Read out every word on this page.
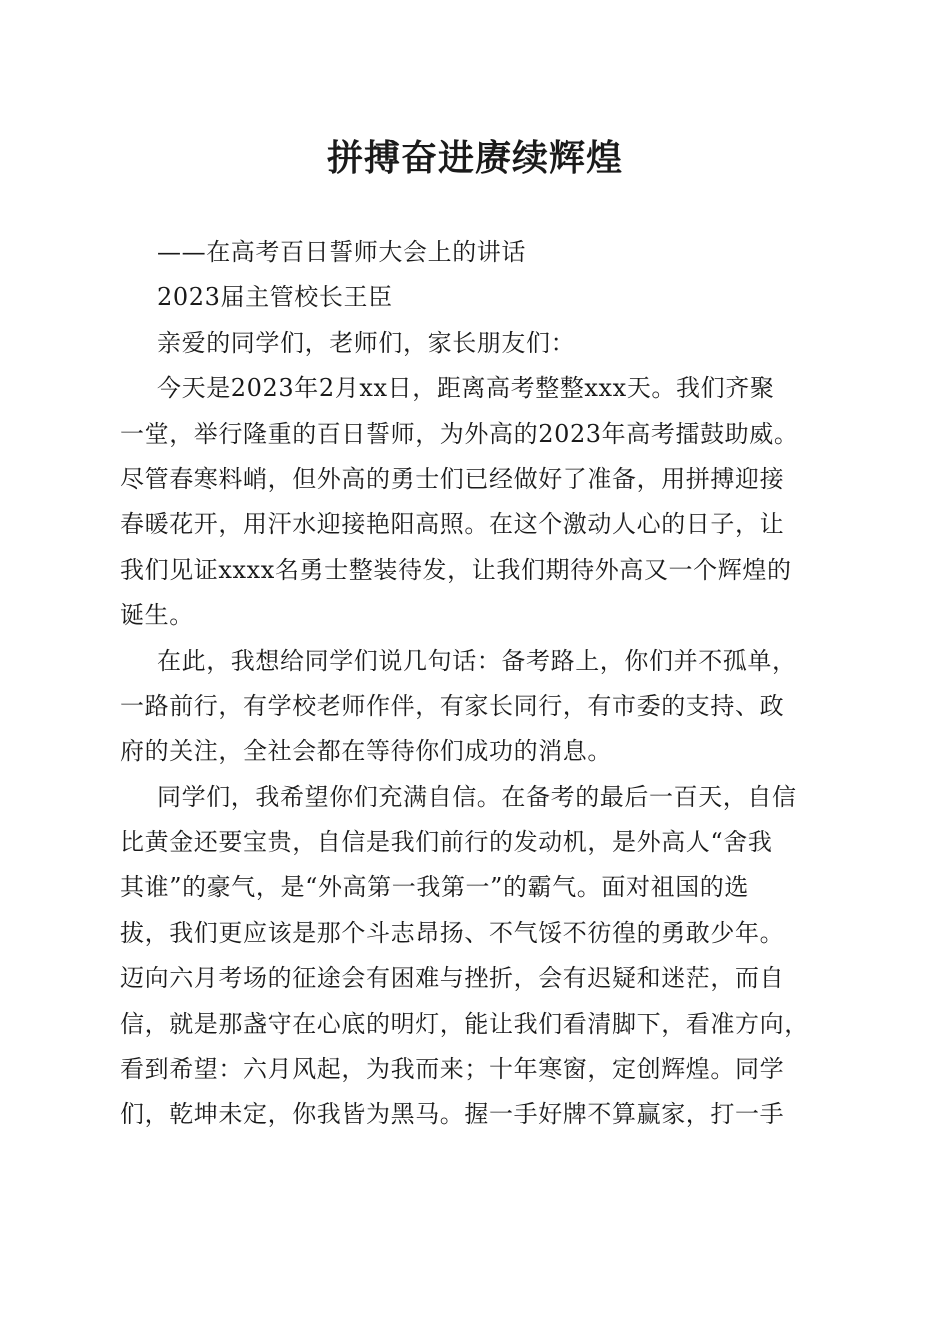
拼搏奋进赓续辉煌
——在高考百日誓师大会上的讲话
2023届主管校长王臣
亲爱的同学们，老师们，家长朋友们：
今天是2023年2月xx日，距离高考整整xxx天。我们齐聚
一堂，举行隆重的百日誓师，为外高的2023年高考擂鼓助威。
尽管春寒料峭，但外高的勇士们已经做好了准备，用拼搏迎接
春暖花开，用汗水迎接艳阳高照。在这个激动人心的日子，让
我们见证xxxx名勇士整装待发，让我们期待外高又一个辉煌的
诞生。
在此，我想给同学们说几句话：备考路上，你们并不孤单，
一路前行，有学校老师作伴，有家长同行，有市委的支持、政
府的关注，全社会都在等待你们成功的消息。
同学们，我希望你们充满自信。在备考的最后一百天，自信
比黄金还要宝贵，自信是我们前行的发动机，是外高人“舍我
其谁”的豪气，是“外高第一我第一”的霸气。面对祖国的选
拔，我们更应该是那个斗志昂扬、不气馁不彷徨的勇敢少年。
迈向六月考场的征途会有困难与挫折，会有迟疑和迷茫，而自
信，就是那盏守在心底的明灯，能让我们看清脚下，看准方向，
看到希望：六月风起，为我而来；十年寒窗，定创辉煌。同学
们，乾坤未定，你我皆为黑马。握一手好牌不算赢家，打一手
